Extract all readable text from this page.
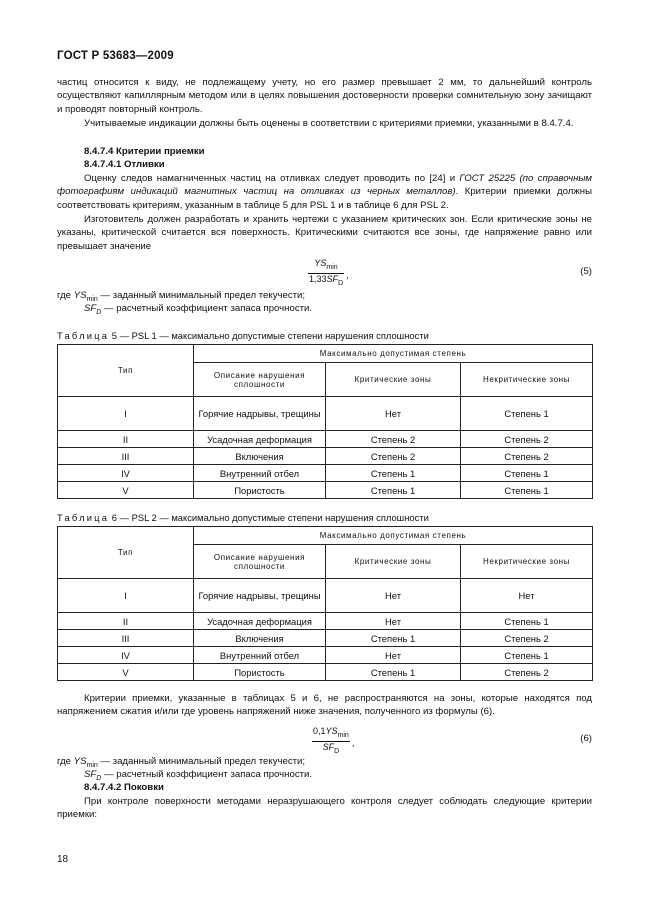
ГОСТ Р 53683—2009
частиц относится к виду, не подлежащему учету, но его размер превышает 2 мм, то дальнейший контроль осуществляют капиллярным методом или в целях повышения достоверности проверки сомнительную зону зачищают и проводят повторный контроль.
Учитываемые индикации должны быть оценены в соответствии с критериями приемки, указанными в 8.4.7.4.
8.4.7.4 Критерии приемки
8.4.7.4.1 Отливки
Оценку следов намагниченных частиц на отливках следует проводить по [24] и ГОСТ 25225 (по справочным фотографиям индикаций магнитных частиц на отливках из черных металлов). Критерии приемки должны соответствовать критериям, указанным в таблице 5 для PSL 1 и в таблице 6 для PSL 2.
Изготовитель должен разработать и хранить чертежи с указанием критических зон. Если критические зоны не указаны, критической считается вся поверхность. Критическими считаются все зоны, где напряжение равно или превышает значение
$\frac{YS_{min}}{1,33SF_D}$ ,	(5)
где $YS_{min}$ — заданный минимальный предел текучести;
$SF_D$ — расчетный коэффициент запаса прочности.
Таблица 5 — PSL 1 — максимально допустимые степени нарушения сплошности
Тип	Максимально допустимая степень		
	Описание нарушения сплошности	Критические зоны	Некритические зоны
I	Горячие надрывы, трещины	Нет	Степень 1
II	Усадочная деформация	Степень 2	Степень 2
III	Включения	Степень 2	Степень 2
IV	Внутренний отбел	Степень 1	Степень 1
V	Пористость	Степень 1	Степень 1
Таблица 6 — PSL 2 — максимально допустимые степени нарушения сплошности
Тип	Максимально допустимая степень		
	Описание нарушения сплошности	Критические зоны	Некритические зоны
I	Горячие надрывы, трещины	Нет	Нет
II	Усадочная деформация	Нет	Степень 1
III	Включения	Степень 1	Степень 2
IV	Внутренний отбел	Нет	Степень 1
V	Пористость	Степень 1	Степень 2
Критерии приемки, указанные в таблицах 5 и 6, не распространяются на зоны, которые находятся под напряжением сжатия и/или где уровень напряжений ниже значения, полученного из формулы (6).
$\frac{0,1YS_{min}}{SF_D}$ ,	(6)
где $YS_{min}$ — заданный минимальный предел текучести;
$SF_D$ — расчетный коэффициент запаса прочности.
8.4.7.4.2 Поковки
При контроле поверхности методами неразрушающего контроля следует соблюдать следующие критерии приемки:
18
